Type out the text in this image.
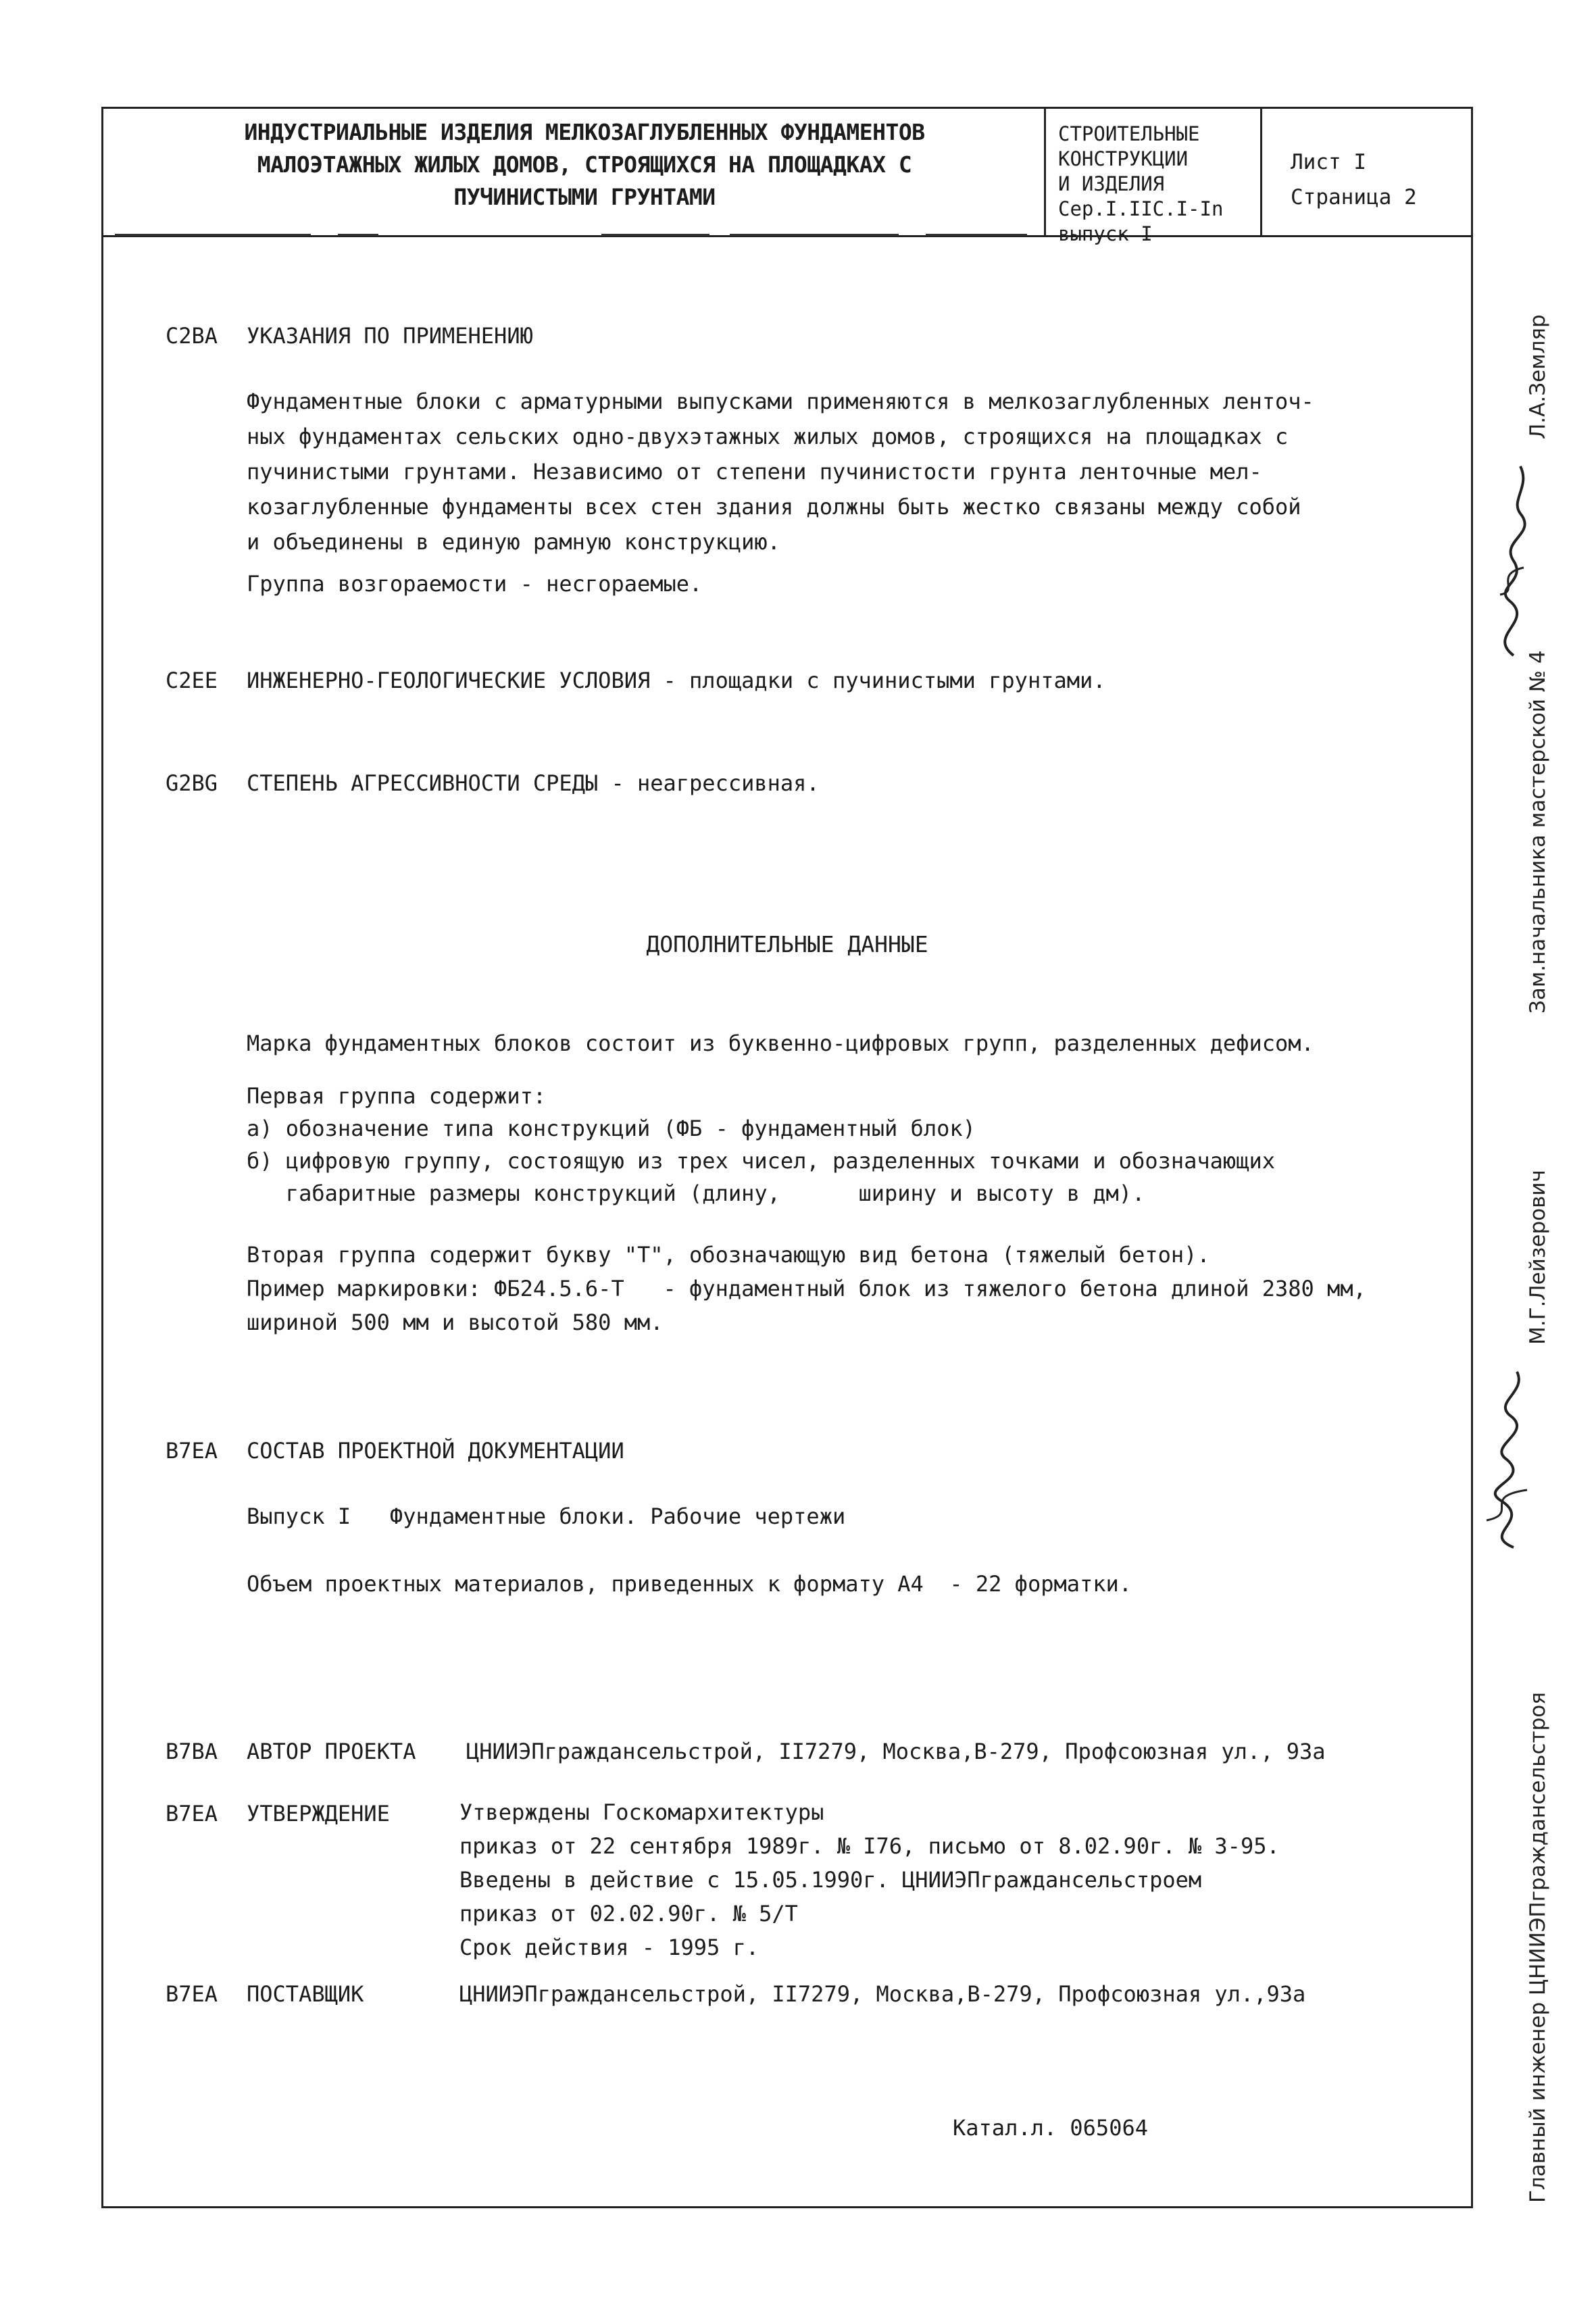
ИНДУСТРИАЛЬНЫЕ ИЗДЕЛИЯ МЕЛКОЗАГЛУБЛЕННЫХ ФУНДАМЕНТОВ
МАЛОЭТАЖНЫХ ЖИЛЫХ ДОМОВ, СТРОЯЩИХСЯ НА ПЛОЩАДКАХ С
ПУЧИНИСТЫМИ ГРУНТАМИ
СТРОИТЕЛЬНЫЕ
КОНСТРУКЦИИ
И ИЗДЕЛИЯ
Сер.I.IIС.I-In
выпуск I
Лист I
Страница 2
C2BA УКАЗАНИЯ ПО ПРИМЕНЕНИЮ
Фундаментные блоки с арматурными выпусками применяются в мелкозаглубленных ленточ-
ных фундаментах сельских одно-двухэтажных жилых домов, строящихся на площадках с
пучинистыми грунтами. Независимо от степени пучинистости грунта ленточные мел-
козаглубленные фундаменты всех стен здания должны быть жестко связаны между собой
и объединены в единую рамную конструкцию.
Группа возгораемости - несгораемые.
C2EE ИНЖЕНЕРНО-ГЕОЛОГИЧЕСКИЕ УСЛОВИЯ - площадки с пучинистыми грунтами.
G2BG СТЕПЕНЬ АГРЕССИВНОСТИ СРЕДЫ - неагрессивная.
ДОПОЛНИТЕЛЬНЫЕ ДАННЫЕ
Марка фундаментных блоков состоит из буквенно-цифровых групп, разделенных дефисом.
Первая группа содержит:
а) обозначение типа конструкций (ФБ - фундаментный блок)
б) цифровую группу, состоящую из трех чисел, разделенных точками и обозначающих
габаритные размеры конструкций (длину,      ширину и высоту в дм).
Вторая группа содержит букву "Т", обозначающую вид бетона (тяжелый бетон).
Пример маркировки: ФБ24.5.6-Т   - фундаментный блок из тяжелого бетона длиной 2380 мм,
шириной 500 мм и высотой 580 мм.
B7EA СОСТАВ ПРОЕКТНОЙ ДОКУМЕНТАЦИИ
Выпуск I   Фундаментные блоки. Рабочие чертежи
Объем проектных материалов, приведенных к формату А4  - 22 форматки.
B7BA АВТОР ПРОЕКТА ЦНИИЭПграждансельстрой, II7279, Москва,В-279, Профсоюзная ул., 93а
B7EA УТВЕРЖДЕНИЕ	Утверждены Госкомархитектуры
приказ от 22 сентября 1989г. № I76, письмо от 8.02.90г. № 3-95.
Введены в действие с 15.05.1990г. ЦНИИЭПграждансельстроем
приказ от 02.02.90г. № 5/Т
Срок действия - 1995 г.
B7EA ПОСТАВЩИК	ЦНИИЭПграждансельстрой, II7279, Москва,В-279, Профсоюзная ул.,93а
Катал.л. 065064
Зам.начальника мастерской № 4
Л.А.Земляр
Главный инженер ЦНИИЭПграждансельстроя
М.Г.Лейзерович
